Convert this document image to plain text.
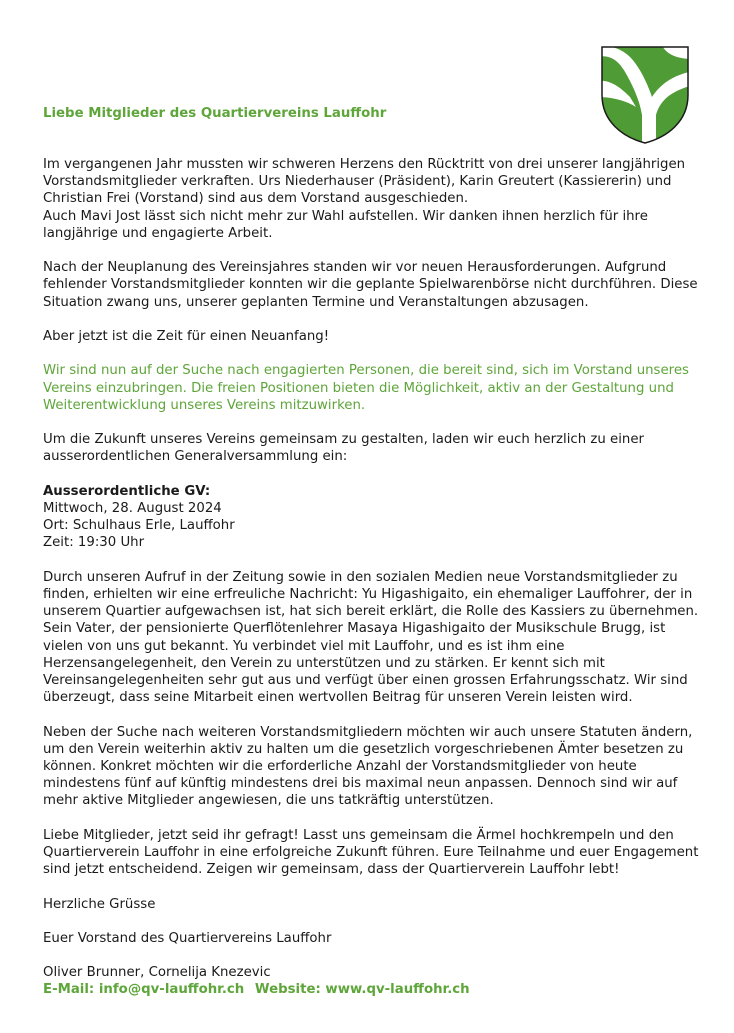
Liebe Mitglieder des Quartiervereins Lauffohr

Im vergangenen Jahr mussten wir schweren Herzens den Rücktritt von drei unserer langjährigen Vorstandsmitglieder verkraften. Urs Niederhauser (Präsident), Karin Greutert (Kassiererin) und Christian Frei (Vorstand) sind aus dem Vorstand ausgeschieden.
Auch Mavi Jost lässt sich nicht mehr zur Wahl aufstellen. Wir danken ihnen herzlich für ihre langjährige und engagierte Arbeit.

Nach der Neuplanung des Vereinsjahres standen wir vor neuen Herausforderungen. Aufgrund fehlender Vorstandsmitglieder konnten wir die geplante Spielwarenbörse nicht durchführen. Diese Situation zwang uns, unserer geplanten Termine und Veranstaltungen abzusagen.

Aber jetzt ist die Zeit für einen Neuanfang!

Wir sind nun auf der Suche nach engagierten Personen, die bereit sind, sich im Vorstand unseres Vereins einzubringen. Die freien Positionen bieten die Möglichkeit, aktiv an der Gestaltung und Weiterentwicklung unseres Vereins mitzuwirken.

Um die Zukunft unseres Vereins gemeinsam zu gestalten, laden wir euch herzlich zu einer ausserordentlichen Generalversammlung ein:

Ausserordentliche GV:
Mittwoch, 28. August 2024
Ort: Schulhaus Erle, Lauffohr
Zeit: 19:30 Uhr

Durch unseren Aufruf in der Zeitung sowie in den sozialen Medien neue Vorstandsmitglieder zu finden, erhielten wir eine erfreuliche Nachricht: Yu Higashigaito, ein ehemaliger Lauffohrer, der in unserem Quartier aufgewachsen ist, hat sich bereit erklärt, die Rolle des Kassiers zu übernehmen. Sein Vater, der pensionierte Querflötenlehrer Masaya Higashigaito der Musikschule Brugg, ist vielen von uns gut bekannt. Yu verbindet viel mit Lauffohr, und es ist ihm eine Herzensangelegenheit, den Verein zu unterstützen und zu stärken. Er kennt sich mit Vereinsangelegenheiten sehr gut aus und verfügt über einen grossen Erfahrungsschatz. Wir sind überzeugt, dass seine Mitarbeit einen wertvollen Beitrag für unseren Verein leisten wird.

Neben der Suche nach weiteren Vorstandsmitgliedern möchten wir auch unsere Statuten ändern, um den Verein weiterhin aktiv zu halten um die gesetzlich vorgeschriebenen Ämter besetzen zu können. Konkret möchten wir die erforderliche Anzahl der Vorstandsmitglieder von heute mindestens fünf auf künftig mindestens drei bis maximal neun anpassen. Dennoch sind wir auf mehr aktive Mitglieder angewiesen, die uns tatkräftig unterstützen.

Liebe Mitglieder, jetzt seid ihr gefragt! Lasst uns gemeinsam die Ärmel hochkrempeln und den Quartierverein Lauffohr in eine erfolgreiche Zukunft führen. Eure Teilnahme und euer Engagement sind jetzt entscheidend. Zeigen wir gemeinsam, dass der Quartierverein Lauffohr lebt!

Herzliche Grüsse

Euer Vorstand des Quartiervereins Lauffohr

Oliver Brunner, Cornelija Knezevic

E-Mail: info@qv-lauffohr.ch Website: www.qv-lauffohr.ch
